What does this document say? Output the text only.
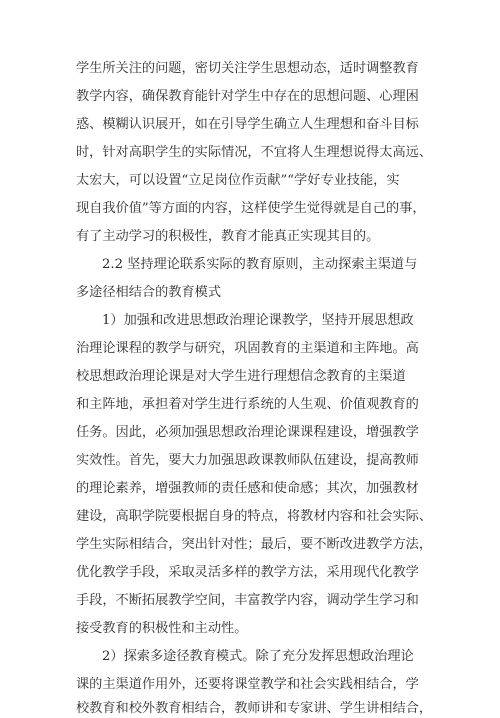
学生所关注的问题，密切关注学生思想动态，适时调整教育
教学内容，确保教育能针对学生中存在的思想问题、心理困
惑、模糊认识展开，如在引导学生确立人生理想和奋斗目标
时，针对高职学生的实际情况，不宜将人生理想说得太高远、
太宏大，可以设置“立足岗位作贡献”“学好专业技能，实
现自我价值”等方面的内容，这样使学生觉得就是自己的事，
有了主动学习的积极性，教育才能真正实现其目的。
2.2 坚持理论联系实际的教育原则，主动探索主渠道与
多途径相结合的教育模式
1）加强和改进思想政治理论课教学，坚持开展思想政
治理论课程的教学与研究，巩固教育的主渠道和主阵地。高
校思想政治理论课是对大学生进行理想信念教育的主渠道
和主阵地，承担着对学生进行系统的人生观、价值观教育的
任务。因此，必须加强思想政治理论课课程建设，增强教学
实效性。首先，要大力加强思政课教师队伍建设，提高教师
的理论素养，增强教师的责任感和使命感；其次，加强教材
建设，高职学院要根据自身的特点，将教材内容和社会实际、
学生实际相结合，突出针对性；最后，要不断改进教学方法，
优化教学手段，采取灵活多样的教学方法，采用现代化教学
手段，不断拓展教学空间，丰富教学内容，调动学生学习和
接受教育的积极性和主动性。
2）探索多途径教育模式。除了充分发挥思想政治理论
课的主渠道作用外，还要将课堂教学和社会实践相结合，学
校教育和校外教育相结合，教师讲和专家讲、学生讲相结合，
